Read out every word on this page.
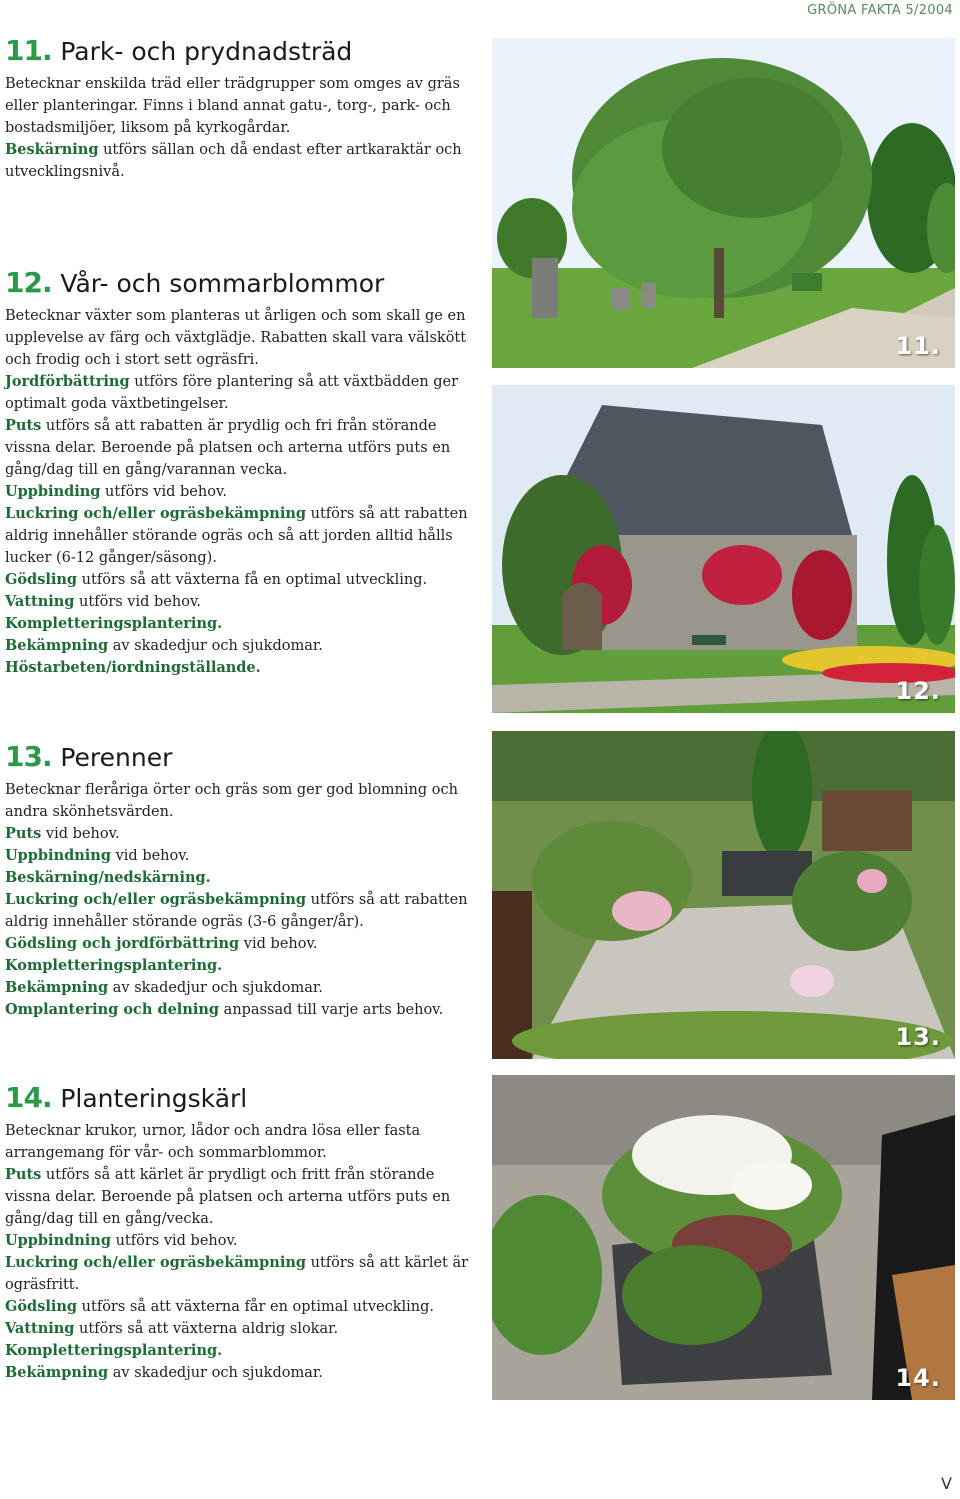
GRÖNA FAKTA 5/2004
11. Park- och prydnadsträd

Betecknar enskilda träd eller trädgrupper som omges av gräs eller planteringar. Finns i bland annat gatu-, torg-, park- och bostadsmiljöer, liksom på kyrkogårdar.

Beskärning utförs sällan och då endast efter artkaraktär och utvecklingsnivå.

12. Vår- och sommarblommor

Betecknar växter som planteras ut årligen och som skall ge en upplevelse av färg och växtglädje. Rabatten skall vara välskött och frodig och i stort sett ogräsfri.

Jordförbättring utförs före plantering så att växtbädden ger optimalt goda växtbetingelser.

Puts utförs så att rabatten är prydlig och fri från störande vissna delar. Beroende på platsen och arterna utförs puts en gång/dag till en gång/varannan vecka.

Uppbinding utförs vid behov.

Luckring och/eller ogräsbekämpning utförs så att rabatten aldrig innehåller störande ogräs och så att jorden alltid hålls lucker (6-12 gånger/säsong).

Gödsling utförs så att växterna få en optimal utveckling.

Vattning utförs vid behov.

Kompletteringsplantering.

Bekämpning av skadedjur och sjukdomar.

Höstarbeten/iordningställande.

13. Perenner

Betecknar fleråriga örter och gräs som ger god blomning och andra skönhetsvärden.

Puts vid behov.

Uppbindning vid behov.

Beskärning/nedskärning.

Luckring och/eller ogräsbekämpning utförs så att rabatten aldrig innehåller störande ogräs (3-6 gånger/år).

Gödsling och jordförbättring vid behov.

Kompletteringsplantering.

Bekämpning av skadedjur och sjukdomar.

Omplantering och delning anpassad till varje arts behov.

14. Planteringskärl

Betecknar krukor, urnor, lådor och andra lösa eller fasta arrangemang för vår- och sommarblommor.

Puts utförs så att kärlet är prydligt och fritt från störande vissna delar. Beroende på platsen och arterna utförs puts en gång/dag till en gång/vecka.

Uppbindning utförs vid behov.

Luckring och/eller ogräsbekämpning utförs så att kärlet är ogräsfritt.

Gödsling utförs så att växterna får en optimal utveckling.

Vattning utförs så att växterna aldrig slokar.

Kompletteringsplantering.

Bekämpning av skadedjur och sjukdomar.

11.
12.
13.
14.
V
